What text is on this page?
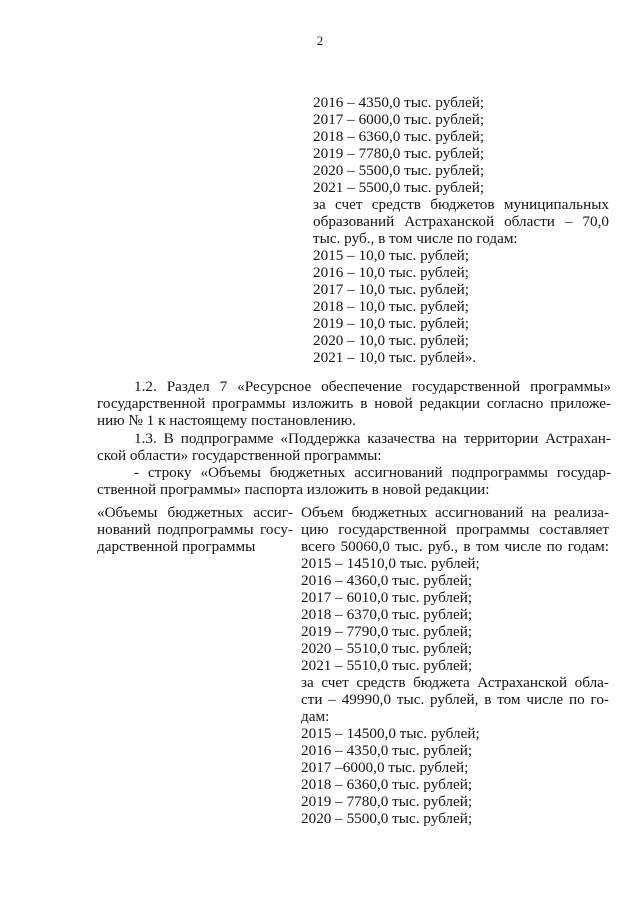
2
2016 – 4350,0 тыс. рублей;
2017 – 6000,0 тыс. рублей;
2018 – 6360,0 тыс. рублей;
2019 – 7780,0 тыс. рублей;
2020 – 5500,0 тыс. рублей;
2021 – 5500,0 тыс. рублей;
за счет средств бюджетов муниципальных
образований Астраханской области – 70,0
тыс. руб., в том числе по годам:
2015 – 10,0 тыс. рублей;
2016 – 10,0 тыс. рублей;
2017 – 10,0 тыс. рублей;
2018 – 10,0 тыс. рублей;
2019 – 10,0 тыс. рублей;
2020 – 10,0 тыс. рублей;
2021 – 10,0 тыс. рублей».
1.2. Раздел 7 «Ресурсное обеспечение государственной программы»
государственной программы изложить в новой редакции согласно приложе-
нию № 1 к настоящему постановлению.
1.3. В подпрограмме «Поддержка казачества на территории Астрахан-
ской области» государственной программы:
- строку «Объемы бюджетных ассигнований подпрограммы государ-
ственной программы» паспорта изложить в новой редакции:
«Объемы бюджетных ассиг-
нований подпрограммы госу-
дарственной программы
Объем бюджетных ассигнований на реализа-
цию государственной программы составляет
всего 50060,0 тыс. руб., в том числе по годам:
2015 – 14510,0 тыс. рублей;
2016 – 4360,0 тыс. рублей;
2017 – 6010,0 тыс. рублей;
2018 – 6370,0 тыс. рублей;
2019 – 7790,0 тыс. рублей;
2020 – 5510,0 тыс. рублей;
2021 – 5510,0 тыс. рублей;
за счет средств бюджета Астраханской обла-
сти – 49990,0 тыс. рублей, в том числе по го-
дам:
2015 – 14500,0 тыс. рублей;
2016 – 4350,0 тыс. рублей;
2017 –6000,0 тыс. рублей;
2018 – 6360,0 тыс. рублей;
2019 – 7780,0 тыс. рублей;
2020 – 5500,0 тыс. рублей;
